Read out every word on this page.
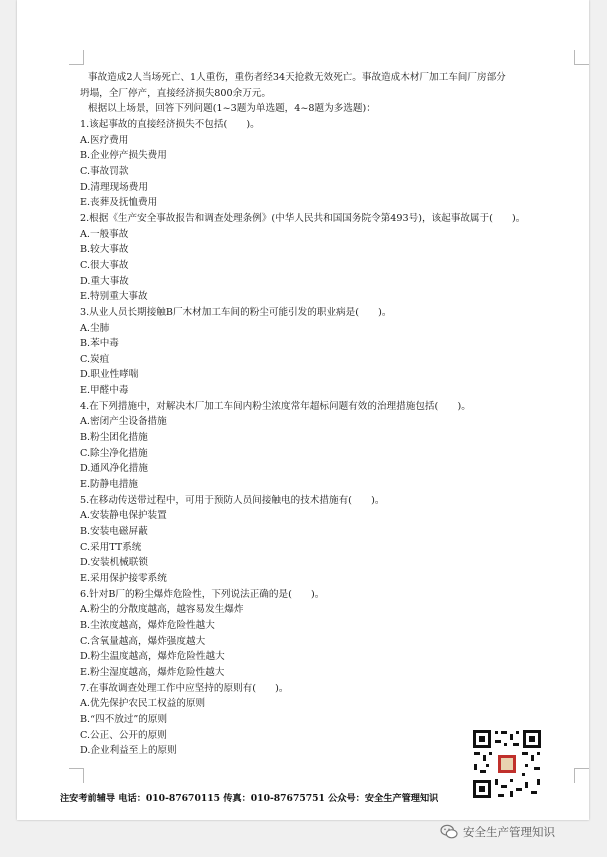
事故造成2人当场死亡、1人重伤，重伤者经34天抢救无效死亡。事故造成木材厂加工车间厂房部分
坍塌，全厂停产，直接经济损失800余万元。
根据以上场景，回答下列问题(1~3题为单选题，4~8题为多选题)：
1.该起事故的直接经济损失不包括(　　)。
A.医疗费用
B.企业停产损失费用
C.事故罚款
D.清理现场费用
E.丧葬及抚恤费用
2.根据《生产安全事故报告和调查处理条例》(中华人民共和国国务院令第493号)，该起事故属于(　　)。
A.一般事故
B.较大事故
C.很大事故
D.重大事故
E.特别重大事故
3.从业人员长期接触B厂木材加工车间的粉尘可能引发的职业病是(　　)。
A.尘肺
B.苯中毒
C.炭疽
D.职业性哮喘
E.甲醛中毒
4.在下列措施中，对解决木厂加工车间内粉尘浓度常年超标问题有效的治理措施包括(　　)。
A.密闭产尘设备措施
B.粉尘团化措施
C.除尘净化措施
D.通风净化措施
E.防静电措施
5.在移动传送带过程中，可用于预防人员间接触电的技术措施有(　　)。
A.安装静电保护装置
B.安装电磁屏蔽
C.采用TT系统
D.安装机械联锁
E.采用保护接零系统
6.针对B厂的粉尘爆炸危险性，下列说法正确的是(　　)。
A.粉尘的分散度越高，越容易发生爆炸
B.尘浓度越高，爆炸危险性越大
C.含氧量越高，爆炸强度越大
D.粉尘温度越高，爆炸危险性越大
E.粉尘湿度越高，爆炸危险性越大
7.在事故调查处理工作中应坚持的原则有(　　)。
A.优先保护农民工权益的原则
B.“四不放过”的原则
C.公正、公开的原则
D.企业利益至上的原则
注安考前辅导 电话：010-87670115 传真：010-87675751 公众号：安全生产管理知识
安全生产管理知识
